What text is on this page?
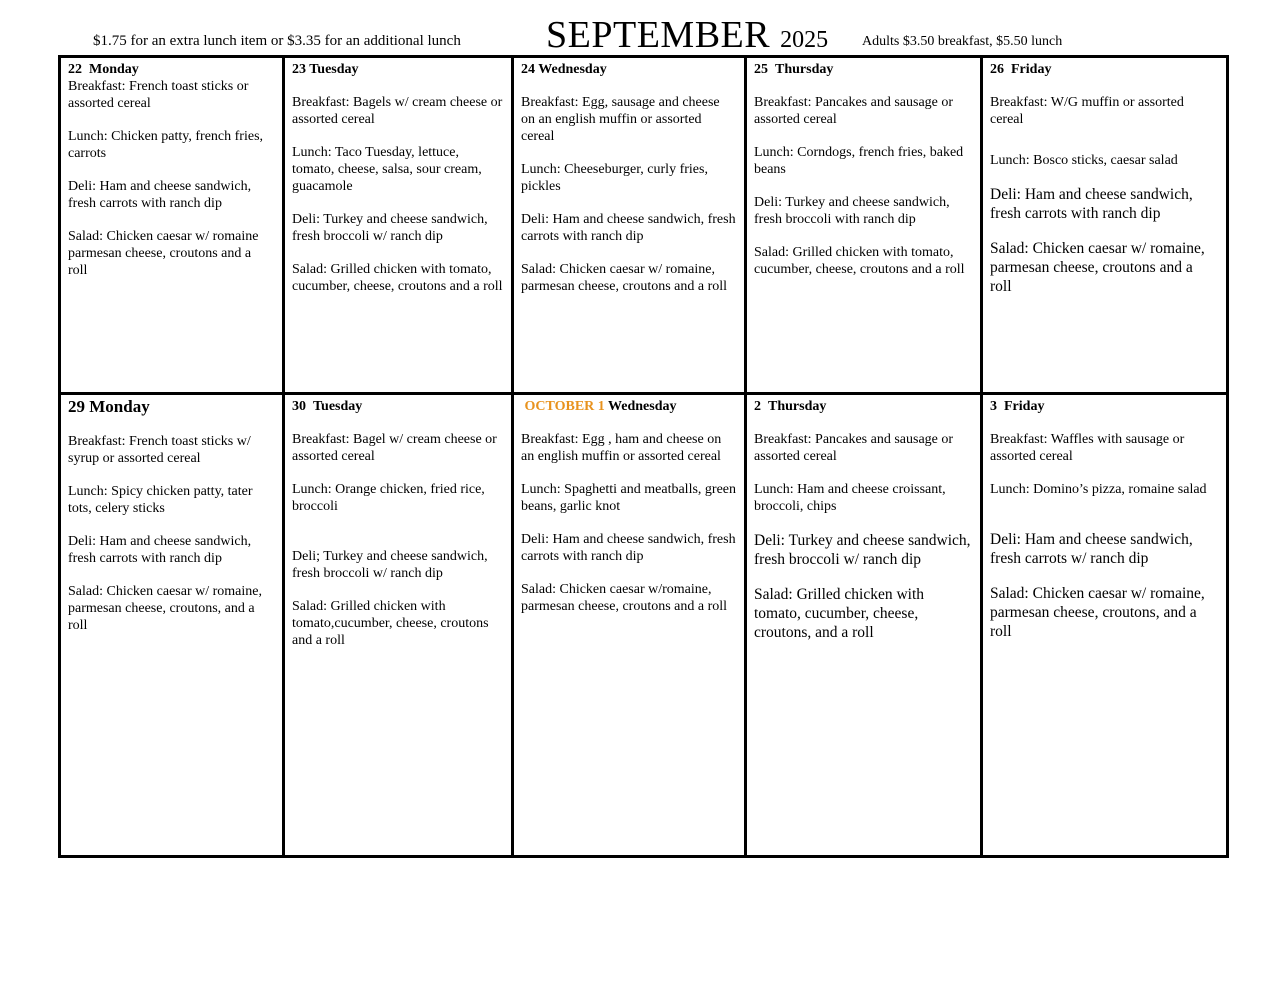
$1.75 for an extra lunch item or $3.35 for an additional lunch SEPTEMBER 2025 Adults $3.50 breakfast, $5.50 lunch
22 Monday
Breakfast: French toast sticks or assorted cereal
Lunch: Chicken patty, french fries, carrots
Deli: Ham and cheese sandwich, fresh carrots with ranch dip
Salad: Chicken caesar w/ romaine parmesan cheese, croutons and a roll
23 Tuesday
Breakfast: Bagels w/ cream cheese or assorted cereal
Lunch: Taco Tuesday, lettuce, tomato, cheese, salsa, sour cream, guacamole
Deli: Turkey and cheese sandwich, fresh broccoli w/ ranch dip
Salad: Grilled chicken with tomato, cucumber, cheese, croutons and a roll
24 Wednesday
Breakfast: Egg, sausage and cheese on an english muffin or assorted cereal
Lunch: Cheeseburger, curly fries, pickles
Deli: Ham and cheese sandwich, fresh carrots with ranch dip
Salad: Chicken caesar w/ romaine, parmesan cheese, croutons and a roll
25 Thursday
Breakfast: Pancakes and sausage or assorted cereal
Lunch: Corndogs, french fries, baked beans
Deli: Turkey and cheese sandwich, fresh broccoli with ranch dip
Salad: Grilled chicken with tomato, cucumber, cheese, croutons and a roll
26 Friday
Breakfast: W/G muffin or assorted cereal
Lunch: Bosco sticks, caesar salad
Deli: Ham and cheese sandwich, fresh carrots with ranch dip
Salad: Chicken caesar w/ romaine, parmesan cheese, croutons and a roll
29 Monday
Breakfast: French toast sticks w/ syrup or assorted cereal
Lunch: Spicy chicken patty, tater tots, celery sticks
Deli: Ham and cheese sandwich, fresh carrots with ranch dip
Salad: Chicken caesar w/ romaine, parmesan cheese, croutons, and a roll
30 Tuesday
Breakfast: Bagel w/ cream cheese or assorted cereal
Lunch: Orange chicken, fried rice, broccoli
Deli; Turkey and cheese sandwich, fresh broccoli w/ ranch dip
Salad: Grilled chicken with tomato,cucumber, cheese, croutons and a roll
OCTOBER 1 Wednesday
Breakfast: Egg , ham and cheese on an english muffin or assorted cereal
Lunch: Spaghetti and meatballs, green beans, garlic knot
Deli: Ham and cheese sandwich, fresh carrots with ranch dip
Salad: Chicken caesar w/romaine, parmesan cheese, croutons and a roll
2 Thursday
Breakfast: Pancakes and sausage or assorted cereal
Lunch: Ham and cheese croissant, broccoli, chips
Deli: Turkey and cheese sandwich, fresh broccoli w/ ranch dip
Salad: Grilled chicken with tomato, cucumber, cheese, croutons, and a roll
3 Friday
Breakfast: Waffles with sausage or assorted cereal
Lunch: Domino’s pizza, romaine salad
Deli: Ham and cheese sandwich, fresh carrots w/ ranch dip
Salad: Chicken caesar w/ romaine, parmesan cheese, croutons, and a roll
